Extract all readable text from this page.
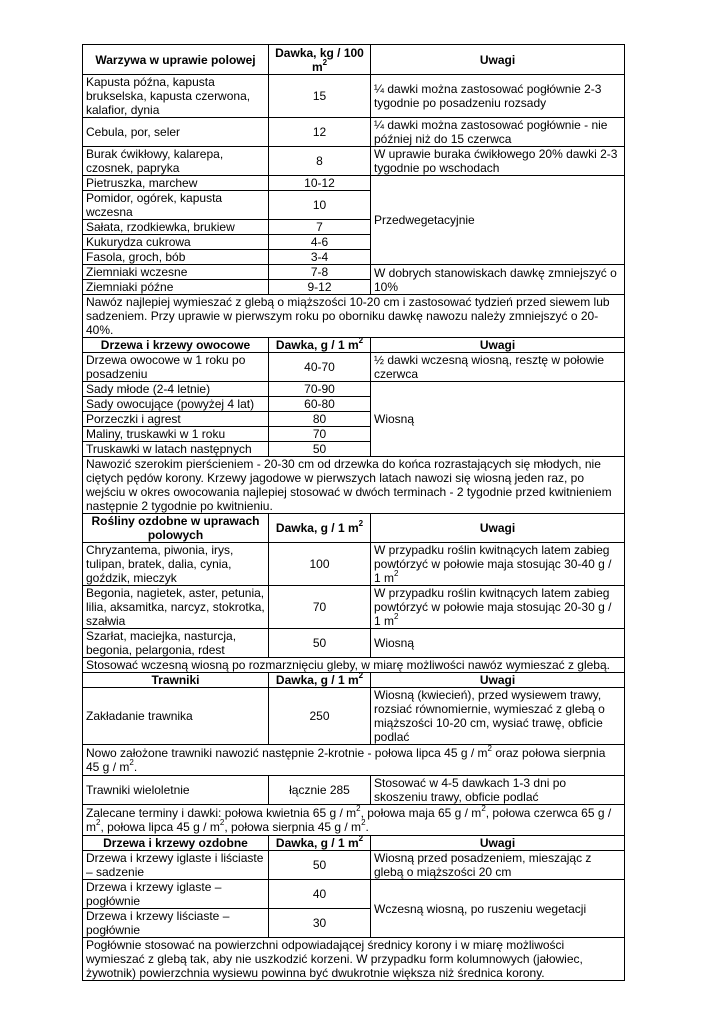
Warzywa w uprawie polowej	Dawka, kg / 100 $m^2$	Uwagi
Kapusta późna, kapusta brukselska, kapusta czerwona, kalafior, dynia	15	¼ dawki można zastosować pogłównie 2-3 tygodnie po posadzeniu rozsady
Cebula, por, seler	12	¼ dawki można zastosować pogłównie - nie później niż do 15 czerwca
Burak ćwikłowy, kalarepa, czosnek, papryka	8	W uprawie buraka ćwikłowego 20% dawki 2-3 tygodnie po wschodach
Pietruszka, marchew	10-12	Przedwegetacyjnie
Pomidor, ogórek, kapusta wczesna	10	
Sałata, rzodkiewka, brukiew	7	
Kukurydza cukrowa	4-6	
Fasola, groch, bób	3-4	
Ziemniaki wczesne	7-8	W dobrych stanowiskach dawkę zmniejszyć o 10%
Ziemniaki późne	9-12	
Nawóz najlepiej wymieszać z glebą o miąższości 10-20 cm i zastosować tydzień przed siewem lub sadzeniem. Przy uprawie w pierwszym roku po oborniku dawkę nawozu należy zmniejszyć o 20-40%.		
Drzewa i krzewy owocowe	Dawka, g / 1 $m^2$	Uwagi
Drzewa owocowe w 1 roku po posadzeniu	40-70	½ dawki wczesną wiosną, resztę w połowie czerwca
Sady młode (2-4 letnie)	70-90	Wiosną
Sady owocujące (powyżej 4 lat)	60-80	
Porzeczki i agrest	80	
Maliny, truskawki w 1 roku	70	
Truskawki w latach następnych	50	
Nawozić szerokim pierścieniem - 20-30 cm od drzewka do końca rozrastających się młodych, nie ciętych pędów korony. Krzewy jagodowe w pierwszych latach nawozi się wiosną jeden raz, po wejściu w okres owocowania najlepiej stosować w dwóch terminach - 2 tygodnie przed kwitnieniem następnie 2 tygodnie po kwitnieniu.		
Rośliny ozdobne w uprawach polowych	Dawka, g / 1 $m^2$	Uwagi
Chryzantema, piwonia, irys, tulipan, bratek, dalia, cynia, goździk, mieczyk	100	W przypadku roślin kwitnących latem zabieg powtórzyć w połowie maja stosując 30-40 g / 1 $m^2$
Begonia, nagietek, aster, petunia, lilia, aksamitka, narcyz, stokrotka, szałwia	70	W przypadku roślin kwitnących latem zabieg powtórzyć w połowie maja stosując 20-30 g / 1 $m^2$
Szarłat, maciejka, nasturcja, begonia, pelargonia, rdest	50	Wiosną
Stosować wczesną wiosną po rozmarznięciu gleby, w miarę możliwości nawóz wymieszać z glebą.		
Trawniki	Dawka, g / 1 $m^2$	Uwagi
Zakładanie trawnika	250	Wiosną (kwiecień), przed wysiewem trawy, rozsiać równomiernie, wymieszać z glebą o miąższości 10-20 cm, wysiać trawę, obficie podlać
Nowo założone trawniki nawozić następnie 2-krotnie - połowa lipca 45 g / $m^2$ oraz połowa sierpnia 45 g / $m^2$.		
Trawniki wieloletnie	łącznie 285	Stosować w 4-5 dawkach 1-3 dni po skoszeniu trawy, obficie podlać
Zalecane terminy i dawki: połowa kwietnia 65 g / $m^2$, połowa maja 65 g / $m^2$, połowa czerwca 65 g / $m^2$, połowa lipca 45 g / $m^2$, połowa sierpnia 45 g / $m^2$.		
Drzewa i krzewy ozdobne	Dawka, g / 1 $m^2$	Uwagi
Drzewa i krzewy iglaste i liściaste – sadzenie	50	Wiosną przed posadzeniem, mieszając z glebą o miąższości 20 cm
Drzewa i krzewy iglaste – pogłównie	40	Wczesną wiosną, po ruszeniu wegetacji
Drzewa i krzewy liściaste – pogłównie	30	
Pogłównie stosować na powierzchni odpowiadającej średnicy korony i w miarę możliwości wymieszać z glebą tak, aby nie uszkodzić korzeni. W przypadku form kolumnowych (jałowiec, żywotnik) powierzchnia wysiewu powinna być dwukrotnie większa niż średnica korony.		
